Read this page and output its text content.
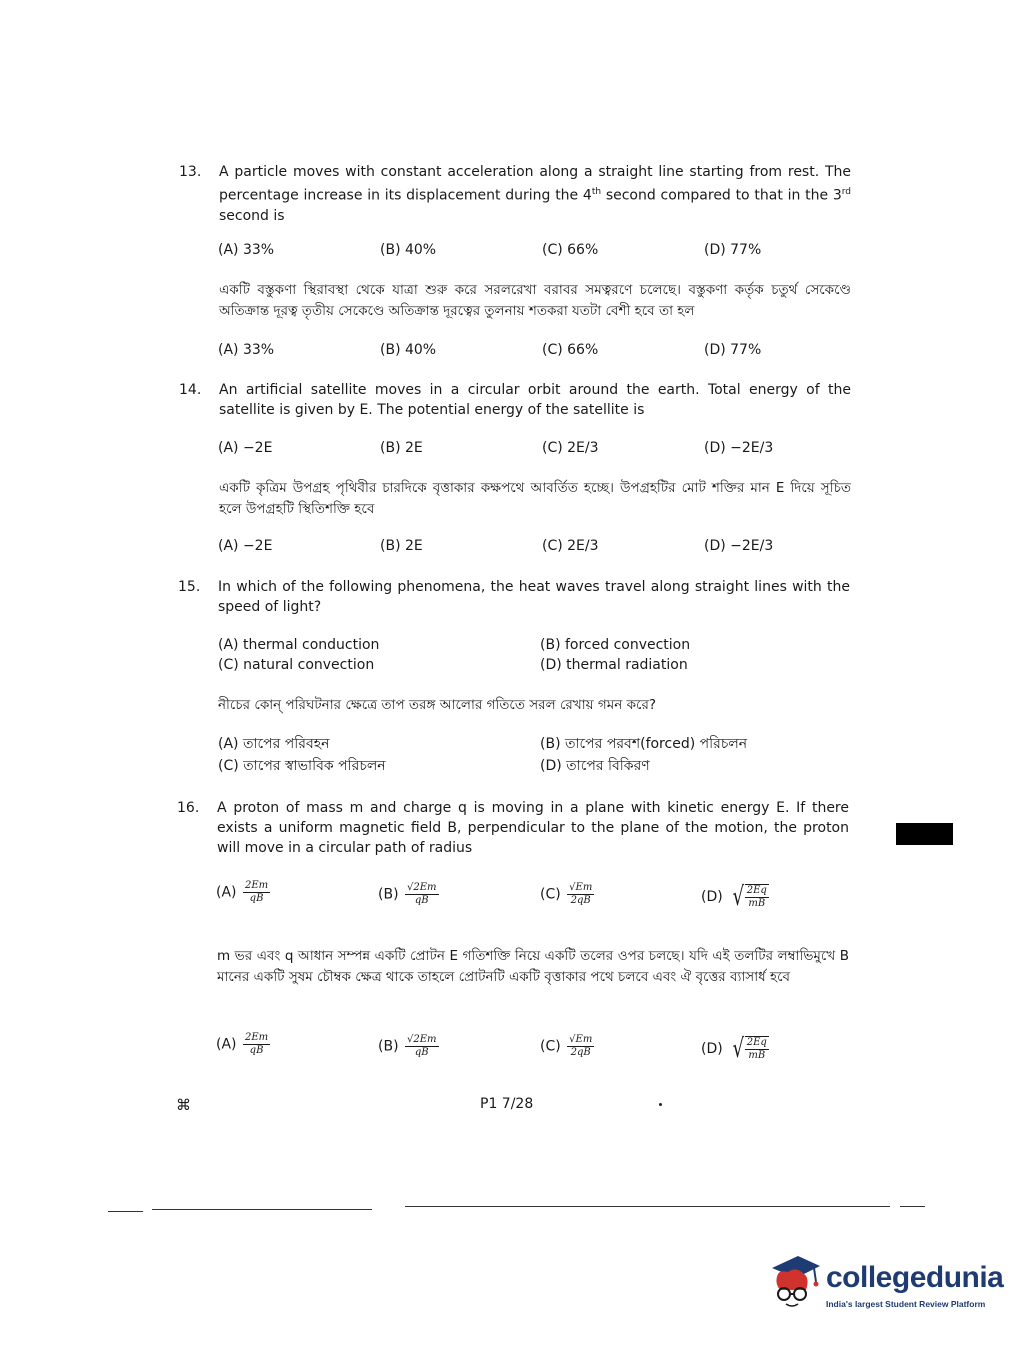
13. A particle moves with constant acceleration along a straight line starting from rest. The percentage increase in its displacement during the 4th second compared to that in the 3rd second is
(A) 33%	(B) 40%	(C) 66%	(D) 77%
একটি বস্তুকণা স্থিরাবস্থা থেকে যাত্রা শুরু করে সরলরেখা বরাবর সমত্বরণে চলেছে। বস্তুকণা কর্তৃক চতুর্থ সেকেণ্ডে অতিক্রান্ত দূরত্ব তৃতীয় সেকেণ্ডে অতিক্রান্ত দূরত্বের তুলনায় শতকরা যতটা বেশী হবে তা হল
(A) 33%	(B) 40%	(C) 66%	(D) 77%
14. An artificial satellite moves in a circular orbit around the earth. Total energy of the satellite is given by E. The potential energy of the satellite is
(A) −2E	(B) 2E	(C) 2E/3	(D) −2E/3
একটি কৃত্রিম উপগ্রহ পৃথিবীর চারদিকে বৃত্তাকার কক্ষপথে আবর্তিত হচ্ছে। উপগ্রহটির মোট শক্তির মান E দিয়ে সূচিত হলে উপগ্রহটি স্থিতিশক্তি হবে
(A) −2E	(B) 2E	(C) 2E/3	(D) −2E/3
15. In which of the following phenomena, the heat waves travel along straight lines with the speed of light?
(A) thermal conduction	(B) forced convection
(C) natural convection	(D) thermal radiation
নীচের কোন্ পরিঘটনার ক্ষেত্রে তাপ তরঙ্গ আলোর গতিতে সরল রেখায় গমন করে?
(A) তাপের পরিবহন	(B) তাপের পরবশ(forced) পরিচলন
(C) তাপের স্বাভাবিক পরিচলন	(D) তাপের বিকিরণ
16. A proton of mass m and charge q is moving in a plane with kinetic energy E. If there exists a uniform magnetic field B, perpendicular to the plane of the motion, the proton will move in a circular path of radius
$(A) \frac{2Em}{qB}$	$(B) \frac{√2Em}{qB}$	$(C) \frac{√Em}{2qB}$	(D) √ $\frac{2Eq}{mB}$
m ভর এবং q আধান সম্পন্ন একটি প্রোটন E গতিশক্তি নিয়ে একটি তলের ওপর চলছে। যদি এই তলটির লম্বাভিমুখে B মানের একটি সুষম চৌম্বক ক্ষেত্র থাকে তাহলে প্রোটনটি একটি বৃত্তাকার পথে চলবে এবং ঐ বৃত্তের ব্যাসার্ধ হবে
$(A) \frac{2Em}{qB}$	$(B) \frac{√2Em}{qB}$	$(C) \frac{√Em}{2qB}$	(D) √ $\frac{2Eq}{mB}$
⌘	P1 7/28
collegedunia
India's largest Student Review Platform
